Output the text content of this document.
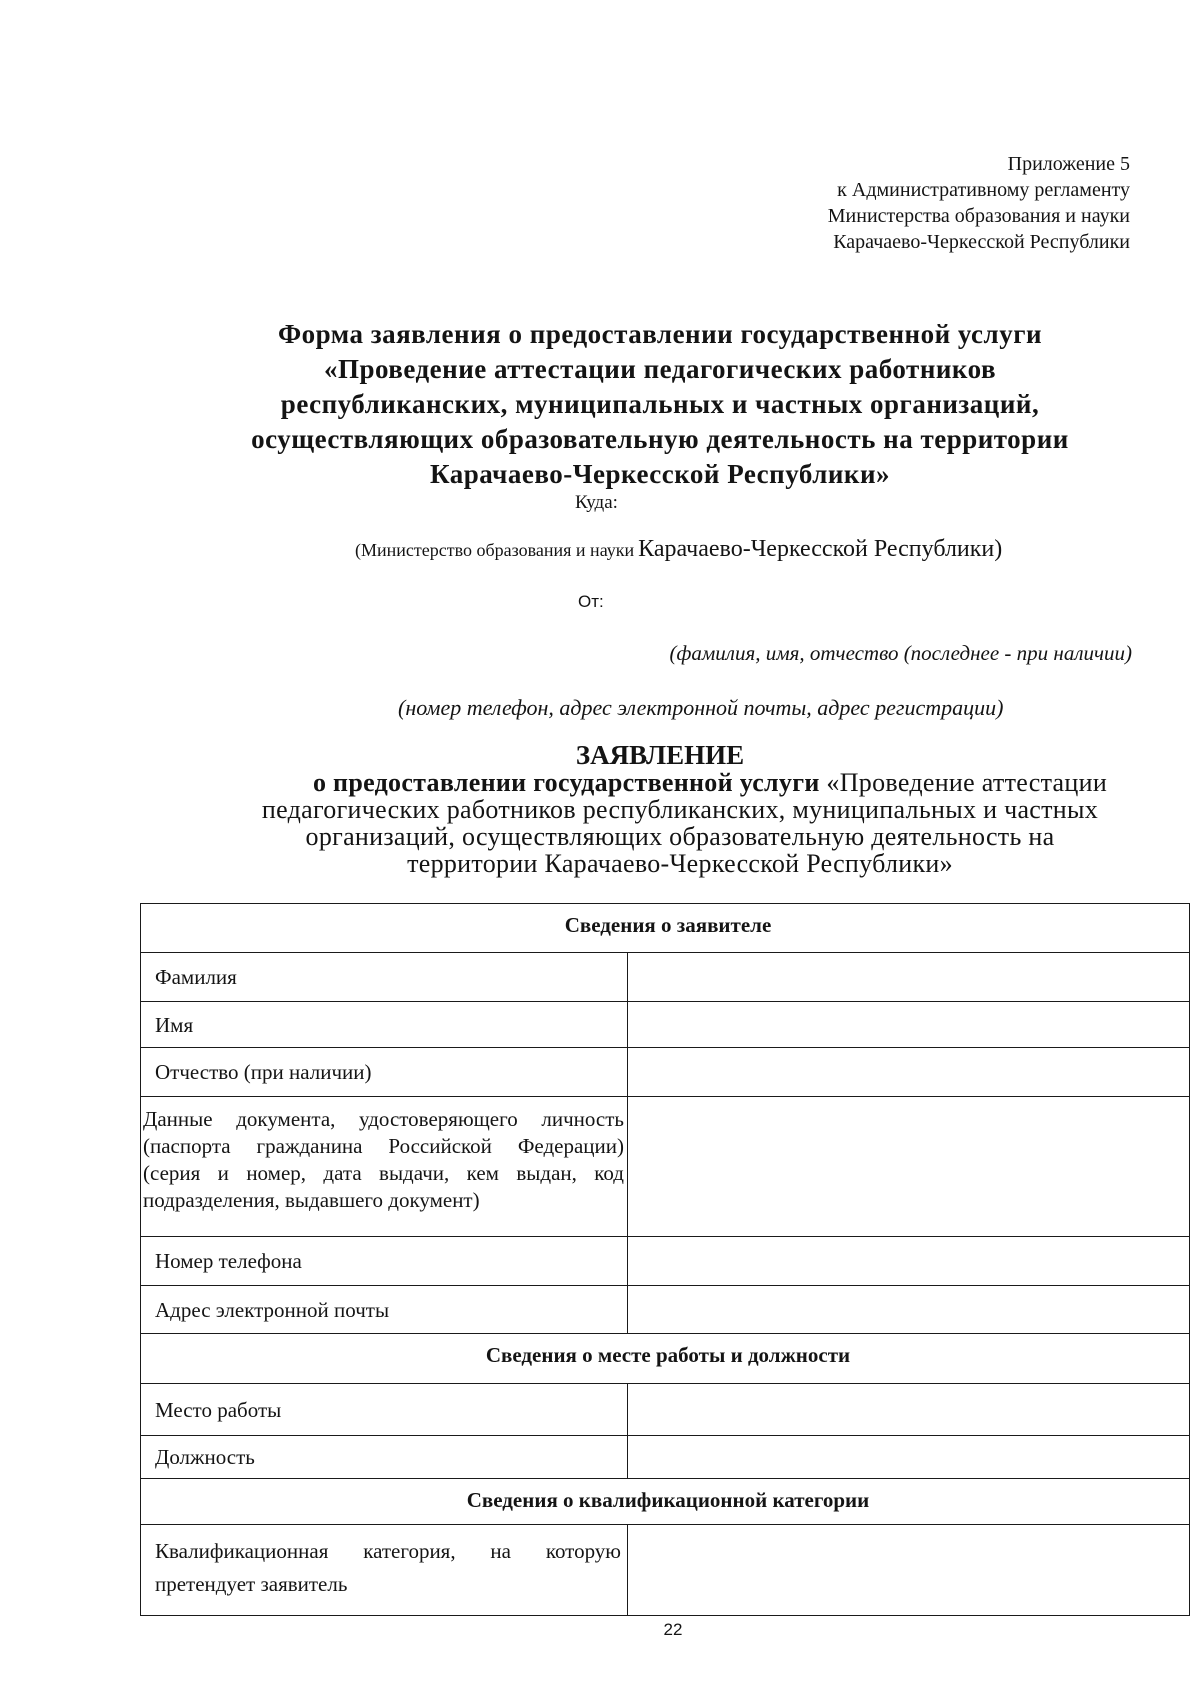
Приложение 5
к Административному регламенту
Министерства образования и науки
Карачаево-Черкесской Республики
Форма заявления о предоставлении государственной услуги
«Проведение аттестации педагогических работников
республиканских, муниципальных и частных организаций,
осуществляющих образовательную деятельность на территории
Карачаево-Черкесской Республики»
Куда:
(Министерство образования и науки Карачаево-Черкесской Республики)
От:
(фамилия, имя, отчество (последнее - при наличии)
(номер телефон, адрес электронной почты, адрес регистрации)
ЗАЯВЛЕНИЕ
о предоставлении государственной услуги «Проведение аттестации
педагогических работников республиканских, муниципальных и частных
организаций, осуществляющих образовательную деятельность на
территории Карачаево-Черкесской Республики»
Сведения о заявителе	
Фамилия	
Имя	
Отчество (при наличии)	

Данные документа, удостоверяющего личность
(паспорта гражданина Российской Федерации)
(серия и номер, дата выдачи, кем выдан, код
подразделения, выдавшего документ)	

Номер телефона	
Адрес электронной почты	
Сведения о месте работы и должности	
Место работы	
Должность	
Сведения о квалификационной категории	

Квалификационная категория, на которую
претендует заявитель	

22
